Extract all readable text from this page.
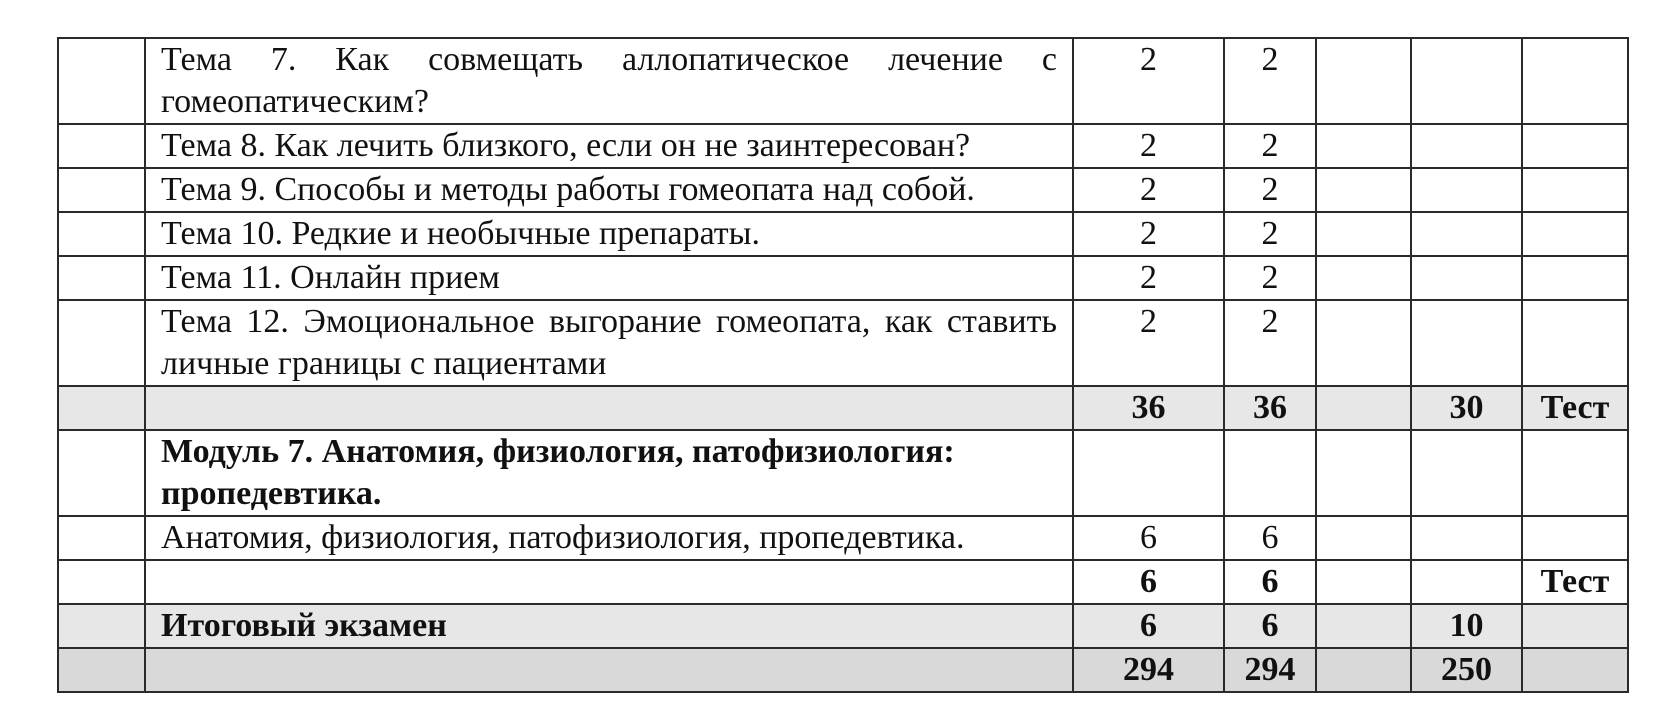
	Тема 7. Как совмещать аллопатическое лечение с гомеопатическим?	2	2			
	Тема 8. Как лечить близкого, если он не заинтересован?	2	2			
	Тема 9. Способы и методы работы гомеопата над собой.	2	2			
	Тема 10. Редкие и необычные препараты.	2	2			
	Тема 11. Онлайн прием	2	2			
	Тема 12. Эмоциональное выгорание гомеопата, как ставить личные границы с пациентами	2	2			
		36	36		30	Тест
	Модуль 7. Анатомия, физиология, патофизиология: пропедевтика.					
	Анатомия, физиология, патофизиология, пропедевтика.	6	6			
		6	6			Тест
	Итоговый экзамен	6	6		10	
		294	294		250	
